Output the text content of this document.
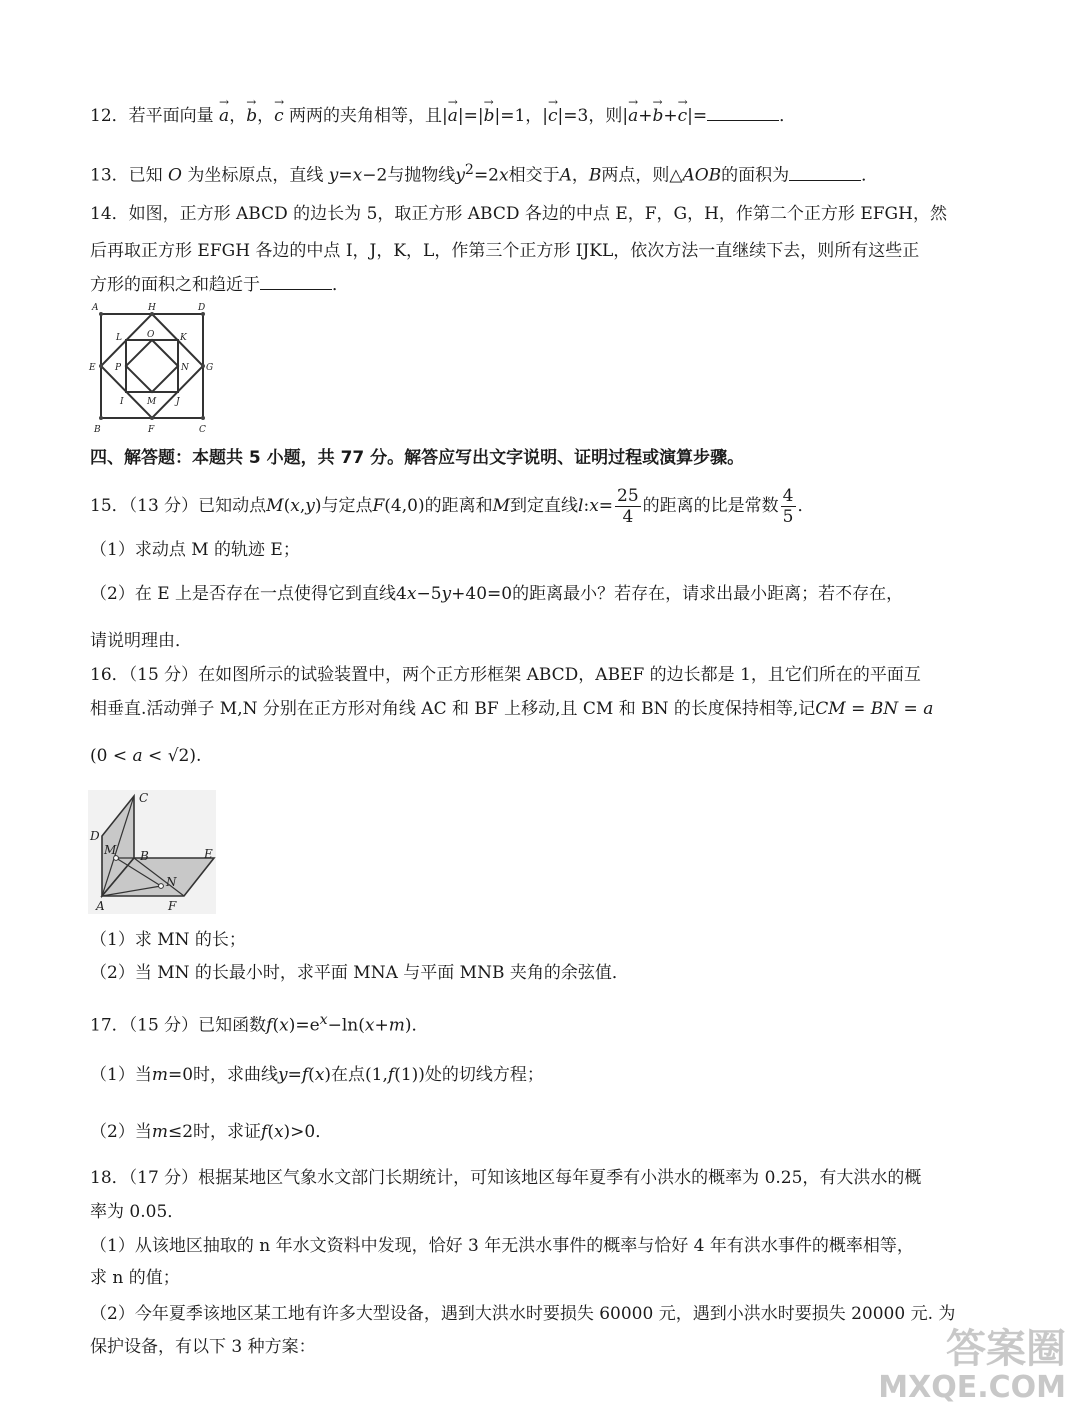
12．若平面向量 → a，→ b，→ c 两两的夹角相等，且|→ a|=|→ b|=1，|→ c|=3，则|→ a+→ b+→ c|=	．
13．已知 O 为坐标原点，直线 y=x−2与抛物线$y^2=2x$相交于A，B两点，则△AOB的面积为	．
14．如图，正方形 ABCD 的边长为 5，取正方形 ABCD 各边的中点 E，F，G，H，作第二个正方形 EFGH，然
后再取正方形 EFGH 各边的中点 I，J，K，L，作第三个正方形 IJKL，依次方法一直继续下去，则所有这些正
方形的面积之和趋近于	．
A	H	D
L	O	K
E P	N G
I	M J
B	F	C
四、解答题：本题共 5 小题，共 77 分。解答应写出文字说明、证明过程或演算步骤。
15．（13 分）已知动点M(x,y)与定点F(4,0)的距离和M到定直线l:x= $\frac{25}{4}$ 的距离的比是常数 $\frac{4}{5}$ ．
（1）求动点 M 的轨迹 E；
（2）在 E 上是否存在一点使得它到直线4x−5y+40=0的距离最小？若存在，请求出最小距离；若不存在，
请说明理由．
16．（15 分）在如图所示的试验装置中，两个正方形框架 ABCD，ABEF 的边长都是 1，且它们所在的平面互
相垂直.活动弹子 M,N 分别在正方形对角线 AC 和 BF 上移动,且 CM 和 BN 的长度保持相等,记CM = BN = a
(0 < a < √2).
C
D
M B	E
N
A	F
（1）求 MN 的长；
（2）当 MN 的长最小时，求平面 MNA 与平面 MNB 夹角的余弦值．
17．（15 分）已知函数$f(x)=e^x-\ln(x+m)$．
（1）当m=0时，求曲线y=f(x)在点(1,f(1))处的切线方程；
（2）当m≤2时，求证f(x)>0．
18．（17 分）根据某地区气象水文部门长期统计，可知该地区每年夏季有小洪水的概率为 0.25，有大洪水的概
率为 0.05．
（1）从该地区抽取的 n 年水文资料中发现，恰好 3 年无洪水事件的概率与恰好 4 年有洪水事件的概率相等，
求 n 的值；
（2）今年夏季该地区某工地有许多大型设备，遇到大洪水时要损失 60000 元，遇到小洪水时要损失 20000 元. 为
保护设备，有以下 3 种方案：	答案圈
MXQE.COM
